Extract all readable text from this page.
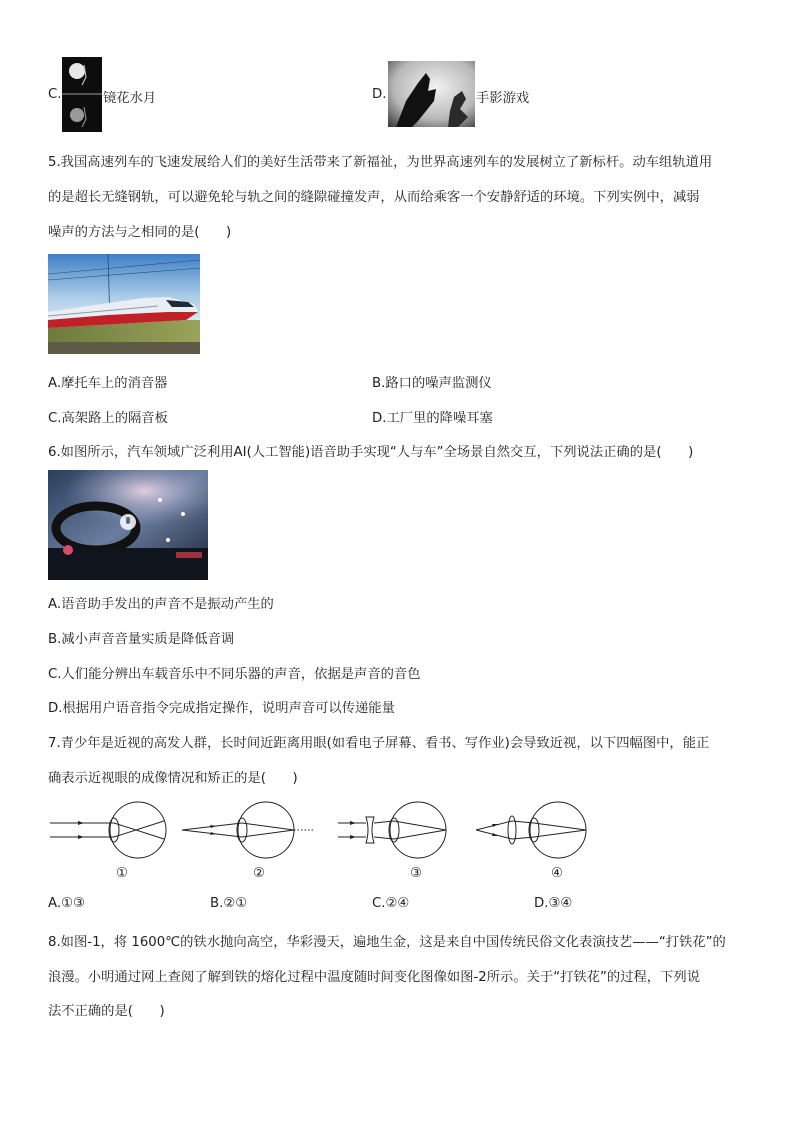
C.	镜花水月	D.	手影游戏
5.我国高速列车的飞速发展给人们的美好生活带来了新福祉，为世界高速列车的发展树立了新标杆。动车组轨道用
的是超长无缝钢轨，可以避免轮与轨之间的缝隙碰撞发声，从而给乘客一个安静舒适的环境。下列实例中，减弱
噪声的方法与之相同的是(　　)
A.摩托车上的消音器	B.路口的噪声监测仪
C.高架路上的隔音板	D.工厂里的降噪耳塞
6.如图所示，汽车领域广泛利用AI(人工智能)语音助手实现“人与车”全场景自然交互，下列说法正确的是(　　)
A.语音助手发出的声音不是振动产生的
B.减小声音音量实质是降低音调
C.人们能分辨出车载音乐中不同乐器的声音，依据是声音的音色
D.根据用户语音指令完成指定操作，说明声音可以传递能量
7.青少年是近视的高发人群，长时间近距离用眼(如看电子屏幕、看书、写作业)会导致近视，以下四幅图中，能正
确表示近视眼的成像情况和矫正的是(　　)
①	②	③	④
A.①③	B.②①	C.②④	D.③④
8.如图-1，将 1600℃的铁水抛向高空，华彩漫天，遍地生金，这是来自中国传统民俗文化表演技艺——“打铁花”的
浪漫。小明通过网上查阅了解到铁的熔化过程中温度随时间变化图像如图-2所示。关于“打铁花”的过程，下列说
法不正确的是(　　)
